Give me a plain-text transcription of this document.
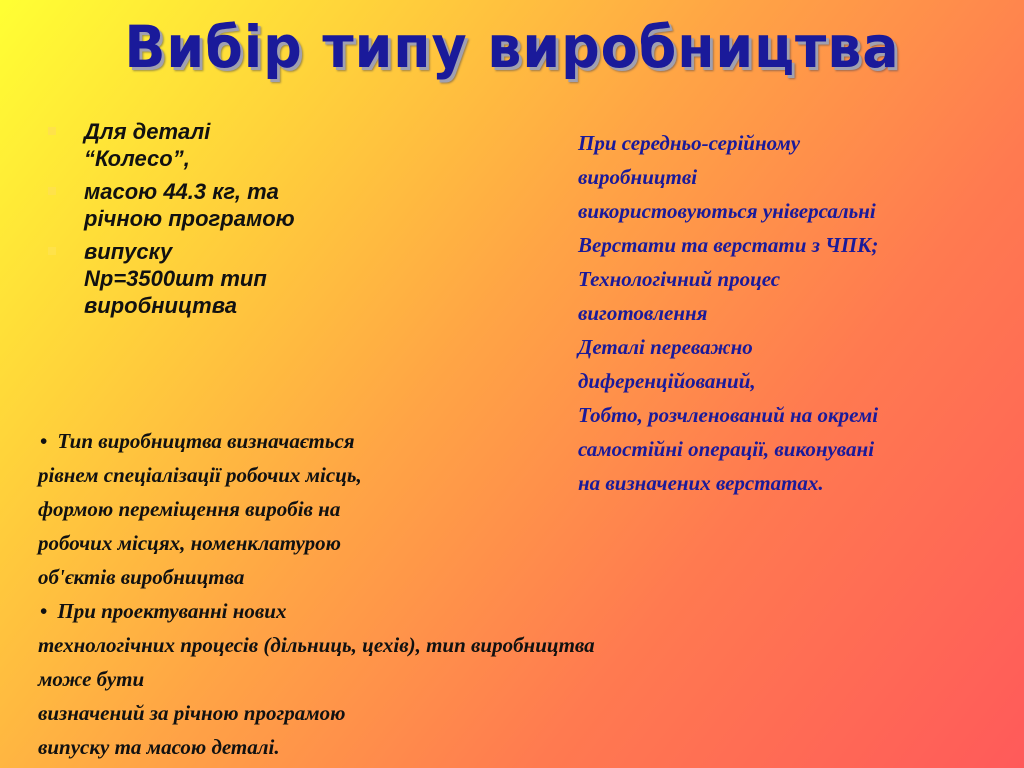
Вибір типу виробництва
Для деталі
“Колесо”,
масою 44.3 кг, та
річною програмою
випуску
Nр=3500шт тип
виробництва
При середньо-серійному
виробництві
використовуються універсальні
Верстати та верстати з ЧПК;
Технологічний процес
виготовлення
Деталі переважно
диференційований,
Тобто, розчленований на окремі
самостійні операції, виконувані
на визначених верстатах.
• Тип виробництва визначається
рівнем спеціалізації робочих місць,
формою переміщення виробів на
робочих місцях, номенклатурою
об'єктів виробництва
• При проектуванні нових
технологічних процесів (дільниць, цехів), тип виробництва
може бути
визначений за річною програмою
випуску та масою деталі.
